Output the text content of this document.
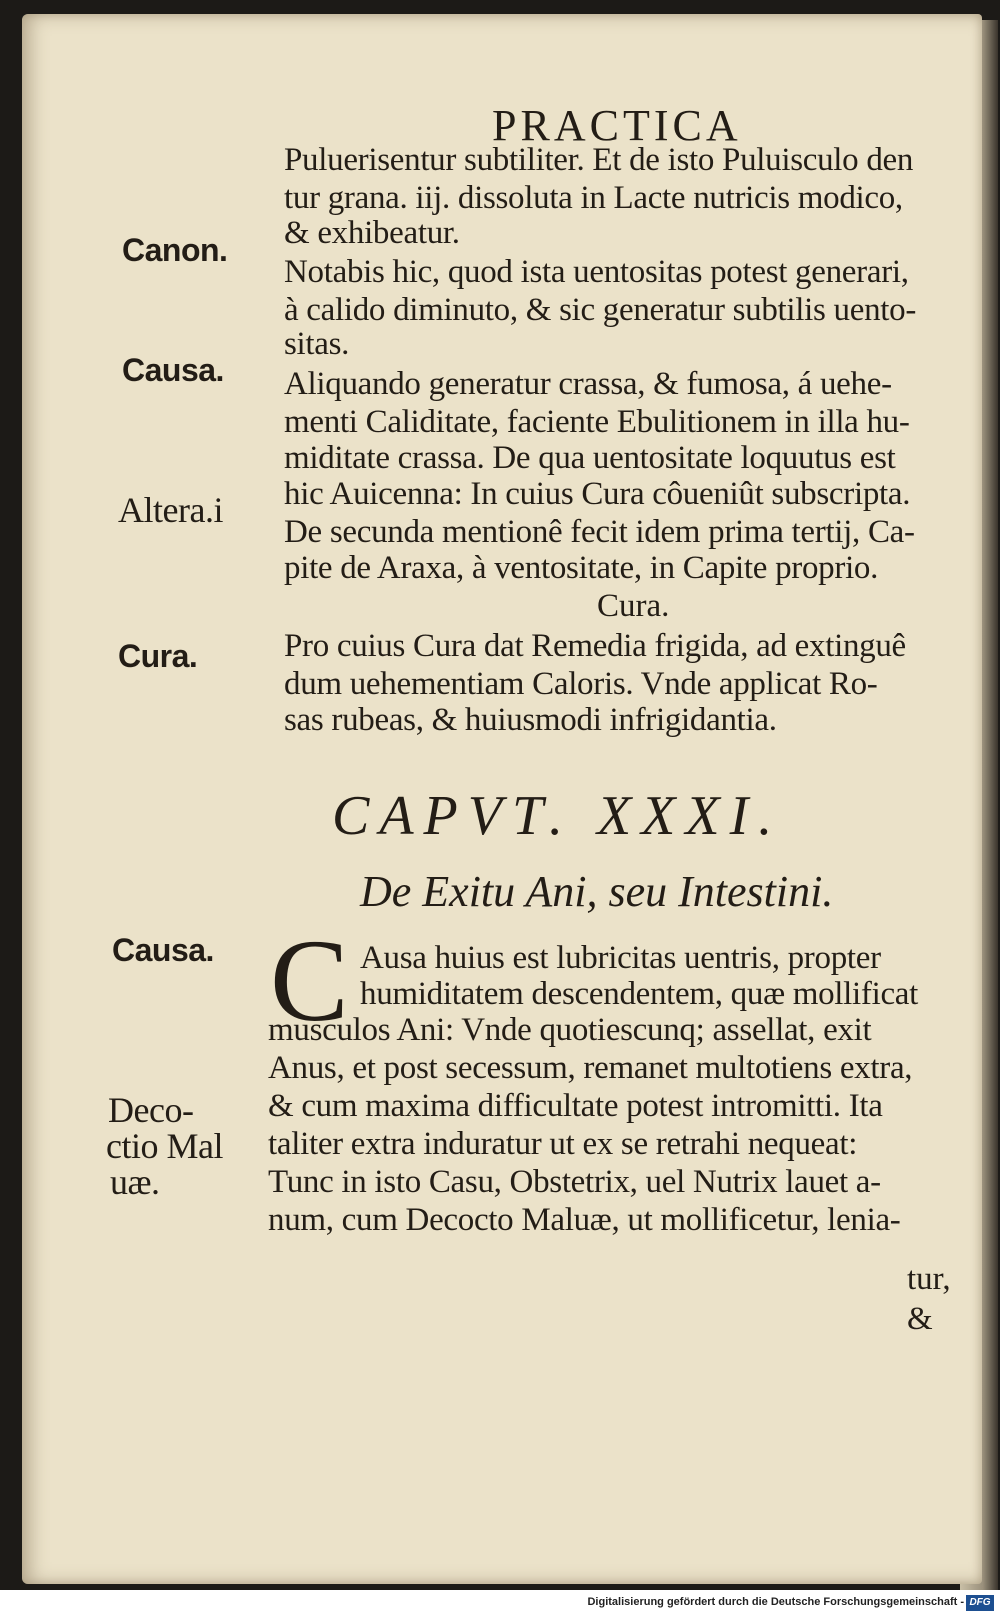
PRACTICA
Puluerisentur subtiliter. Et de isto Puluisculo den
tur grana. iij. dissoluta in Lacte nutricis modico,
& exhibeatur.
Notabis hic, quod ista uentositas potest generari,
à calido diminuto, & sic generatur subtilis uento-
sitas.
Aliquando generatur crassa, & fumosa, á uehe-
menti Caliditate, faciente Ebulitionem in illa hu-
miditate crassa. De qua uentositate loquutus est
hic Auicenna: In cuius Cura côueniût subscripta.
De secunda mentionê fecit idem prima tertij, Ca-
pite de Araxa, à ventositate, in Capite proprio.
Cura.
Pro cuius Cura dat Remedia frigida, ad extinguê
dum uehementiam Caloris. Vnde applicat Ro-
sas rubeas, & huiusmodi infrigidantia.
Canon.
Causa.
Altera.i
Cura.
Causa.
Deco-
ctio Mal
uæ.
CAPVT. XXXI.
De Exitu Ani, seu Intestini.
C Ausa huius est lubricitas uentris, propter
humiditatem descendentem, quæ mollificat
musculos Ani: Vnde quotiescunq; assellat, exit
Anus, et post secessum, remanet multotiens extra,
& cum maxima difficultate potest intromitti. Ita
taliter extra induratur ut ex se retrahi nequeat:
Tunc in isto Casu, Obstetrix, uel Nutrix lauet a-
num, cum Decocto Maluæ, ut mollificetur, lenia-
tur, &
Digitalisierung gefördert durch die Deutsche Forschungsgemeinschaft - DFG
